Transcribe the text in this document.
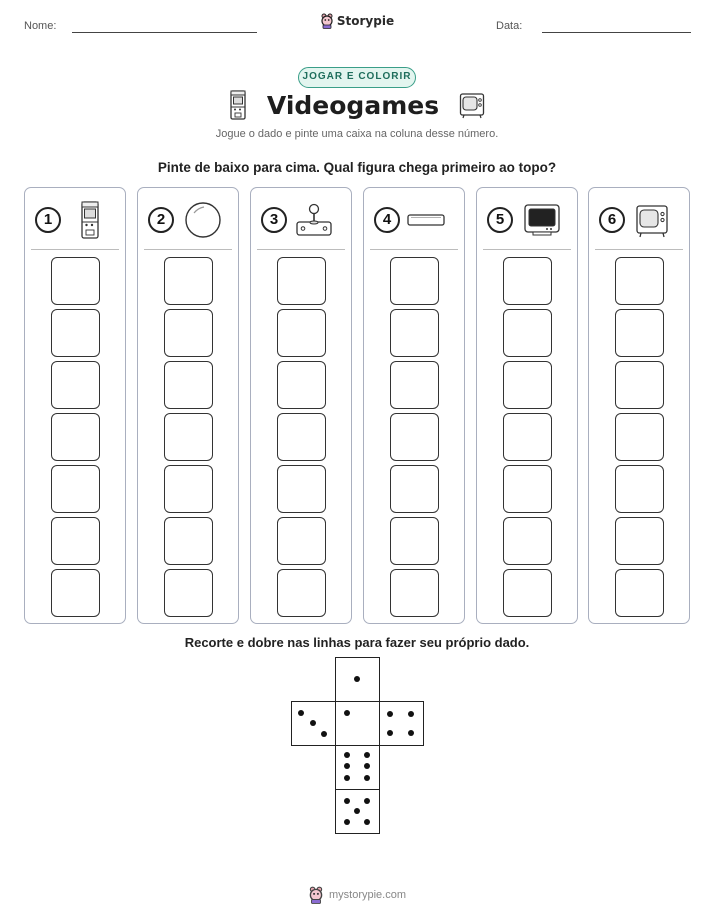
Nome:	Data:
Storypie
JOGAR E COLORIR
Videogames
Jogue o dado e pinte uma caixa na coluna desse número.
Pinte de baixo para cima. Qual figura chega primeiro ao topo?
1	2	3	4	5	6
Recorte e dobre nas linhas para fazer seu próprio dado.
mystorypie.com
